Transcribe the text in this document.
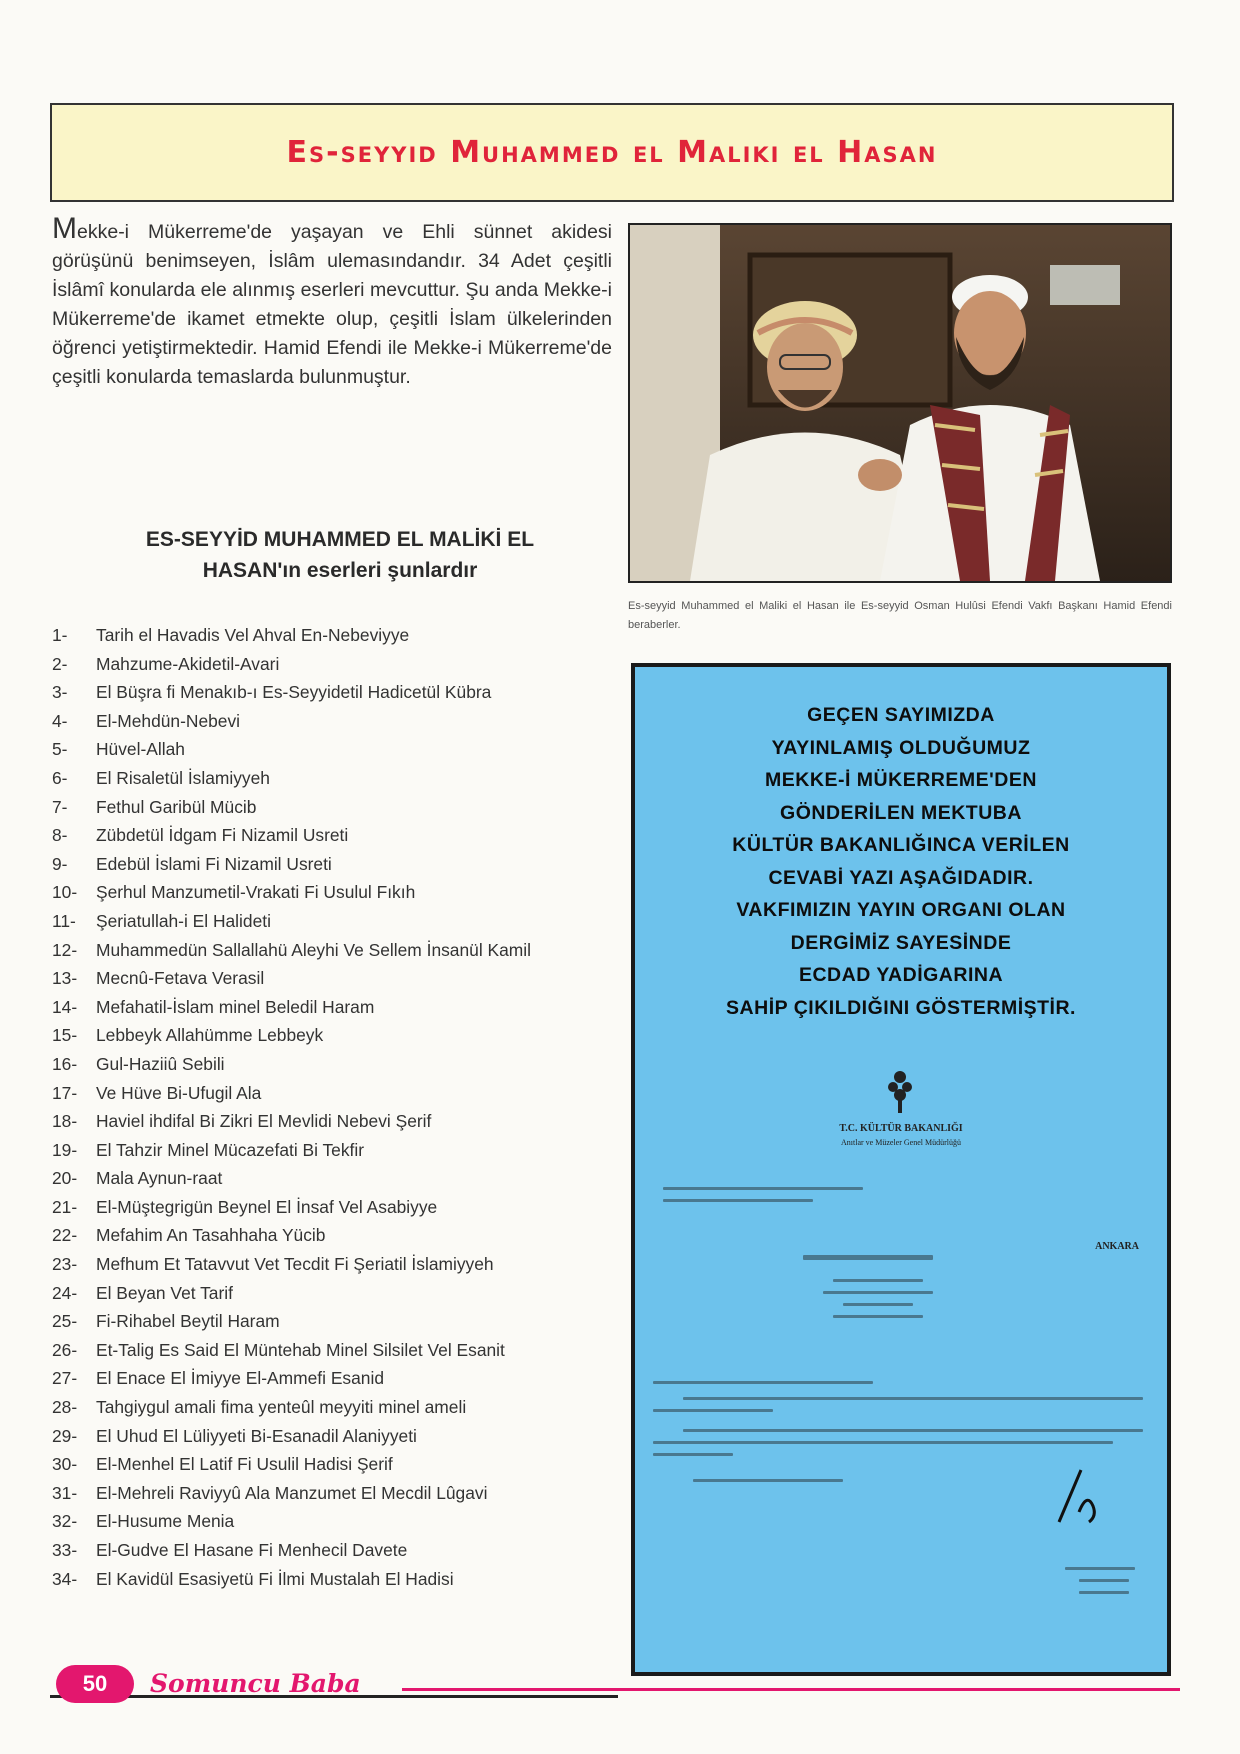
Es-seyyid Muhammed el Maliki el Hasan

Mekke-i Mükerreme'de yaşayan ve Ehli sünnet akidesi görüşünü benimseyen, İslâm ulemasındandır. 34 Adet çeşitli İslâmî konularda ele alınmış eserleri mevcuttur. Şu anda Mekke-i Mükerreme'de ikamet etmekte olup, çeşitli İslam ülkelerinden öğrenci yetiştirmektedir. Hamid Efendi ile Mekke-i Mükerreme'de çeşitli konularda temaslarda bulunmuştur.

ES-SEYYİD MUHAMMED EL MALİKİ EL
HASAN'ın eserleri şunlardır
1-	Tarih el Havadis Vel Ahval En-Nebeviyye
2-	Mahzume-Akidetil-Avari
3-	El Büşra fi Menakıb-ı Es-Seyyidetil Hadicetül Kübra
4-	El-Mehdün-Nebevi
5-	Hüvel-Allah
6-	El Risaletül İslamiyyeh
7-	Fethul Garibül Mücib
8-	Zübdetül İdgam Fi Nizamil Usreti
9-	Edebül İslami Fi Nizamil Usreti
10-	Şerhul Manzumetil-Vrakati Fi Usulul Fıkıh
11-	Şeriatullah-i El Halideti
12-	Muhammedün Sallallahü Aleyhi Ve Sellem İnsanül Kamil
13-	Mecnû-Fetava Verasil
14-	Mefahatil-İslam minel Beledil Haram
15-	Lebbeyk Allahümme Lebbeyk
16-	Gul-Haziiû Sebili
17-	Ve Hüve Bi-Ufugil Ala
18-	Haviel ihdifal Bi Zikri El Mevlidi Nebevi Şerif
19-	El Tahzir Minel Mücazefati Bi Tekfir
20-	Mala Aynun-raat
21-	El-Müştegrigün Beynel El İnsaf Vel Asabiyye
22-	Mefahim An Tasahhaha Yücib
23-	Mefhum Et Tatavvut Vet Tecdit Fi Şeriatil İslamiyyeh
24-	El Beyan Vet Tarif
25-	Fi-Rihabel Beytil Haram
26-	Et-Talig Es Said El Müntehab Minel Silsilet Vel Esanit
27-	El Enace El İmiyye El-Ammefi Esanid
28-	Tahgiygul amali fima yenteûl meyyiti minel ameli
29-	El Uhud El Lüliyyeti Bi-Esanadil Alaniyyeti
30-	El-Menhel El Latif Fi Usulil Hadisi Şerif
31-	El-Mehreli Raviyyû Ala Manzumet El Mecdil Lûgavi
32-	El-Husume Menia
33-	El-Gudve El Hasane Fi Menhecil Davete
34-	El Kavidül Esasiyetü Fi İlmi Mustalah El Hadisi

Es-seyyid Muhammed el Maliki el Hasan ile Es-seyyid Osman Hulûsi Efendi Vakfı Başkanı Hamid Efendi beraberler.

GEÇEN SAYIMIZDA
YAYINLAMIŞ OLDUĞUMUZ
MEKKE-İ MÜKERREME'DEN
GÖNDERİLEN MEKTUBA
KÜLTÜR BAKANLIĞINCA VERİLEN
CEVABİ YAZI AŞAĞIDADIR.
VAKFIMIZIN YAYIN ORGANI OLAN
DERGİMİZ SAYESİNDE
ECDAD YADİGARINA
SAHİP ÇIKILDIĞINI GÖSTERMİŞTİR.
T.C. KÜLTÜR BAKANLIĞI
Anıtlar ve Müzeler Genel Müdürlüğü
ANKARA
50	Somuncu Baba
